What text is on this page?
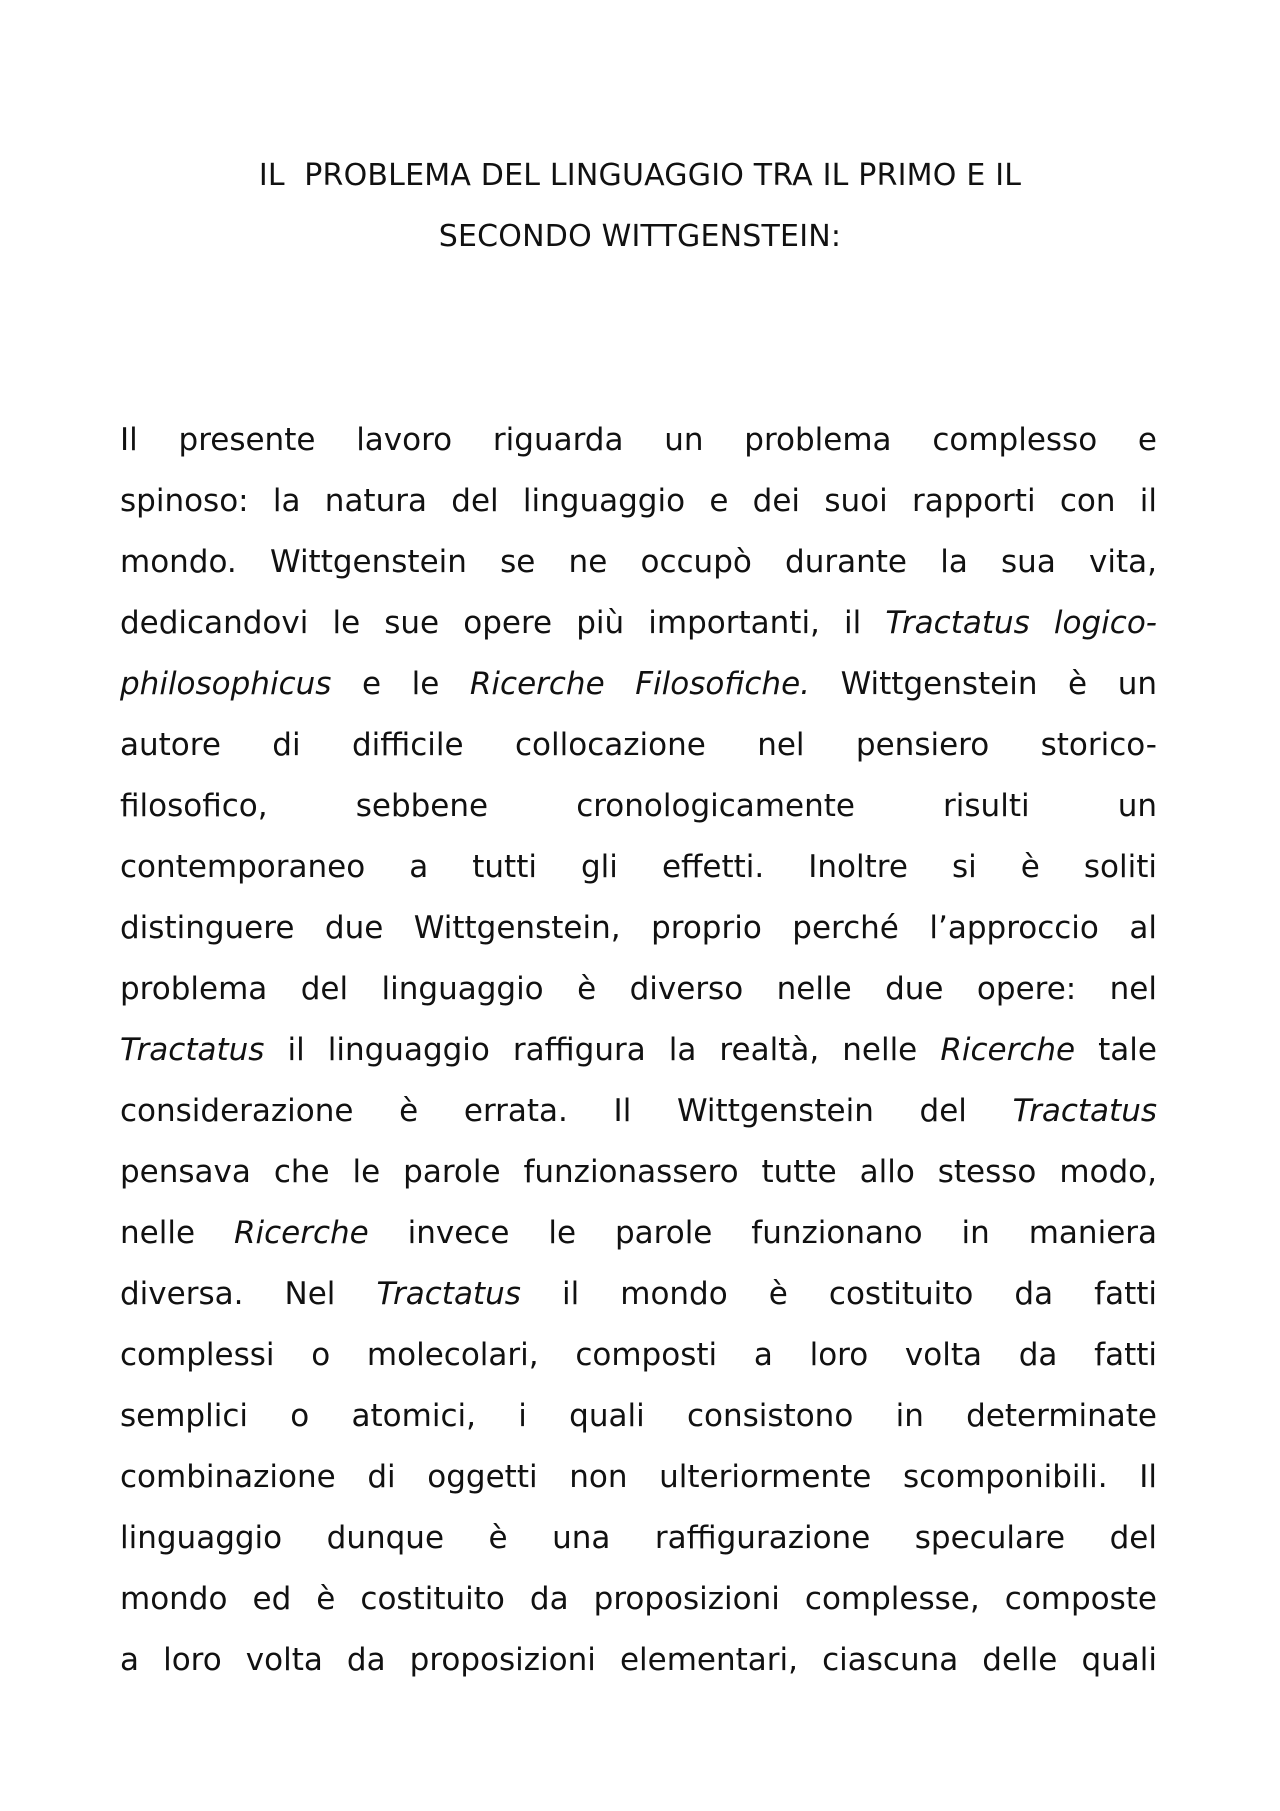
IL  PROBLEMA DEL LINGUAGGIO TRA IL PRIMO E IL
SECONDO WITTGENSTEIN:
Il presente lavoro riguarda un problema complesso e
spinoso: la natura del linguaggio e dei suoi rapporti con il
mondo. Wittgenstein se ne occupò durante la sua vita,
dedicandovi le sue opere più importanti, il Tractatus logico-
philosophicus e le Ricerche Filosofiche. Wittgenstein è un
autore di difficile collocazione nel pensiero storico-
filosofico, sebbene cronologicamente risulti un
contemporaneo a tutti gli effetti. Inoltre si è soliti
distinguere due Wittgenstein, proprio perché l’approccio al
problema del linguaggio è diverso nelle due opere: nel
Tractatus il linguaggio raffigura la realtà, nelle Ricerche tale
considerazione è errata. Il Wittgenstein del Tractatus
pensava che le parole funzionassero tutte allo stesso modo,
nelle Ricerche invece le parole funzionano in maniera
diversa. Nel Tractatus il mondo è costituito da fatti
complessi o molecolari, composti a loro volta da fatti
semplici o atomici, i quali consistono in determinate
combinazione di oggetti non ulteriormente scomponibili. Il
linguaggio dunque è una raffigurazione speculare del
mondo ed è costituito da proposizioni complesse, composte
a loro volta da proposizioni elementari, ciascuna delle quali
